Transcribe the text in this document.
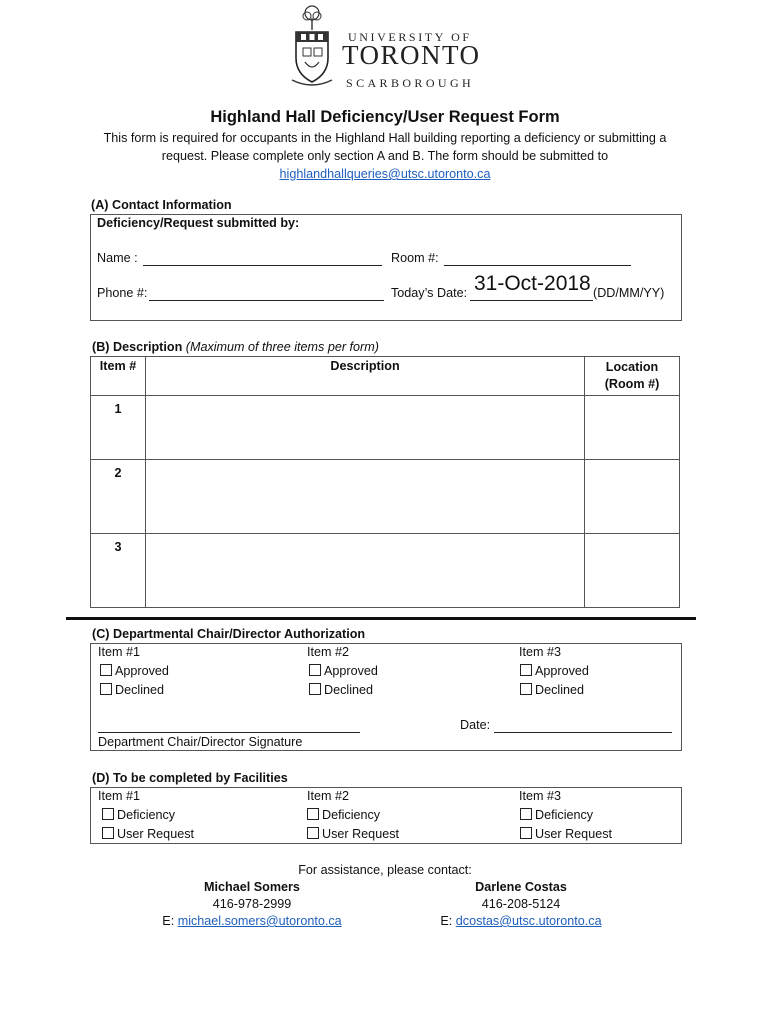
UNIVERSITY OF
TORONTO
SCARBOROUGH
Highland Hall Deficiency/User Request Form
This form is required for occupants in the Highland Hall building reporting a deficiency or submitting a request. Please complete only section A and B. The form should be submitted to
highlandhallqueries@utsc.utoronto.ca
(A) Contact Information
Deficiency/Request submitted by:
Name :	Room #:
Phone #:	Today’s Date: 31-Oct-2018 (DD/MM/YY)
(B) Description (Maximum of three items per form)
Item #	Description	Location
(Room #)
1		
2		
3		
(C) Departmental Chair/Director Authorization
Item #1
Approved
Declined
Item #2
Approved
Declined
Item #3
Approved
Declined
Date:
Department Chair/Director Signature
(D) To be completed by Facilities
Item #1
Deficiency
User Request
Item #2
Deficiency
User Request
Item #3
Deficiency
User Request
For assistance, please contact:
Michael Somers
416-978-2999
E: michael.somers@utoronto.ca
Darlene Costas
416-208-5124
E: dcostas@utsc.utoronto.ca
